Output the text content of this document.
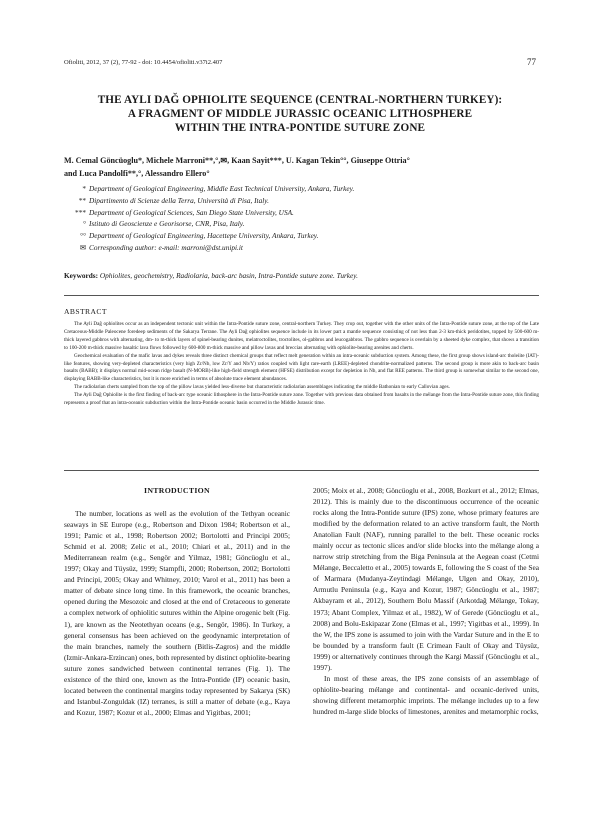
Ofioliti, 2012, 37 (2), 77-92 - doi: 10.4454/ofioliti.v37i2.407	77
THE AYLI DAĞ OPHIOLITE SEQUENCE (CENTRAL-NORTHERN TURKEY):
A FRAGMENT OF MIDDLE JURASSIC OCEANIC LITHOSPHERE
WITHIN THE INTRA-PONTIDE SUTURE ZONE
M. Cemal Göncüoglu*, Michele Marroni**,°,✉, Kaan Sayit***, U. Kagan Tekin°°, Giuseppe Ottria°
and Luca Pandolfi**,°, Alessandro Ellero°
* Department of Geological Engineering, Middle East Technical University, Ankara, Turkey.
** Dipartimento di Scienze della Terra, Università di Pisa, Italy.
*** Department of Geological Sciences, San Diego State University, USA.
° Istituto di Geoscienze e Georisorse, CNR, Pisa, Italy.
°° Department of Geological Engineering, Hacettepe University, Ankara, Turkey.
✉ Corresponding author: e-mail: marroni@dst.unipi.it
Keywords: Ophiolites, geochemistry, Radiolaria, back-arc basin, Intra-Pontide suture zone. Turkey.
ABSTRACT

The Ayli Dağ ophiolites occur as an independent tectonic unit within the Intra-Pontide suture zone, central-northern Turkey. They crop out, together with the other units of the Intra-Pontide suture zone, at the top of the Late Cretaceous-Middle Paleocene foredeep sediments of the Sakarya Terrane. The Ayli Dağ ophiolites sequence include in its lower part a mantle sequence consisting of not less than 2-3 km-thick peridotites, topped by 500-600 m-thick layered gabbros with alternating, dm- to m-thick layers of spinel-bearing dunites, melatroctolites, troctolites, ol-gabbros and leucogabbros. The gabbro sequence is overlain by a sheeted dyke complex, that shows a transition to 100-200 m-thick massive basaltic lava flows followed by 600-800 m-thick massive and pillow lavas and breccias alternating with ophiolite-bearing arenites and cherts.

Geochemical evaluation of the mafic lavas and dykes reveals three distinct chemical groups that reflect melt generation within an intra-oceanic subduction system. Among these, the first group shows island-arc tholeiite (IAT)-like features, showing very-depleted characteristics (very high Zr/Nb, low Zr/Y and Nb/Y) ratios coupled with light rare-earth (LREE)-depleted chondrite-normalized patterns. The second group is more akin to back-arc basin basalts (BABB); it displays normal mid-ocean ridge basalt (N-MORB)-like high-field strength element (HFSE) distribution except for depletion in Nb, and flat REE patterns. The third group is somewhat similar to the second one, displaying BABB-like characteristics, but it is more enriched in terms of absolute trace element abundances.

The radiolarian cherts sampled from the top of the pillow lavas yielded less-diverse but characteristic radiolarian assemblages indicating the middle Bathonian to early Callovian ages.

The Ayli Dağ Ophiolite is the first finding of back-arc type oceanic lithosphere in the Intra-Pontide suture zone. Together with previous data obtained from basalts in the mélange from the Intra-Pontide suture zone, this finding represents a proof that an intra-oceanic subduction within the Intra-Pontide oceanic basin occurred in the Middle Jurassic time.

INTRODUCTION

The number, locations as well as the evolution of the Tethyan oceanic seaways in SE Europe (e.g., Robertson and Dixon 1984; Robertson et al., 1991; Pamic et al., 1998; Robertson 2002; Bortolotti and Principi 2005; Schmid et al. 2008; Zelic et al., 2010; Chiari et al., 2011) and in the Mediterranean realm (e.g., Sengör and Yilmaz, 1981; Göncüoglu et al., 1997; Okay and Tüysüz, 1999; Stampfli, 2000; Robertson, 2002; Bortolotti and Principi, 2005; Okay and Whitney, 2010; Varol et al., 2011) has been a matter of debate since long time. In this framework, the oceanic branches, opened during the Mesozoic and closed at the end of Cretaceous to generate a complex network of ophiolitic sutures within the Alpine orogenic belt (Fig. 1), are known as the Neotethyan oceans (e.g., Sengör, 1986). In Turkey, a general consensus has been achieved on the geodynamic interpretation of the main branches, namely the southern (Bitlis-Zagros) and the middle (Izmir-Ankara-Erzincan) ones, both represented by distinct ophiolite-bearing suture zones sandwiched between continental terranes (Fig. 1). The existence of the third one, known as the Intra-Pontide (IP) oceanic basin, located between the continental margins today represented by Sakarya (SK) and Istanbul-Zonguldak (IZ) terranes, is still a matter of debate (e.g., Kaya and Kozur, 1987; Kozur et al., 2000; Elmas and Yigitbas, 2001;

2005; Moix et al., 2008; Göncüoglu et al., 2008, Bozkurt et al., 2012; Elmas, 2012). This is mainly due to the discontinuous occurrence of the oceanic rocks along the Intra-Pontide suture (IPS) zone, whose primary features are modified by the deformation related to an active transform fault, the North Anatolian Fault (NAF), running parallel to the belt. These oceanic rocks mainly occur as tectonic slices and/or slide blocks into the mélange along a narrow strip stretching from the Biga Peninsula at the Aegean coast (Cetmi Mélange, Beccaletto et al., 2005) towards E, following the S coast of the Sea of Marmara (Mudanya-Zeytindagi Mélange, Ulgen and Okay, 2010), Armutlu Peninsula (e.g., Kaya and Kozur, 1987; Göncüoglu et al., 1987; Akbayram et al., 2012), Southern Bolu Massif (Arkotdağ Mélange, Tokay, 1973; Abant Complex, Yilmaz et al., 1982), W of Gerede (Göncüoglu et al., 2008) and Bolu-Eskipazar Zone (Elmas et al., 1997; Yigitbas et al., 1999). In the W, the IPS zone is assumed to join with the Vardar Suture and in the E to be bounded by a transform fault (E Crimean Fault of Okay and Tüysüz, 1999) or alternatively continues through the Kargi Massif (Göncüoglu et al., 1997).

In most of these areas, the IPS zone consists of an assemblage of ophiolite-bearing mélange and continental- and oceanic-derived units, showing different metamorphic imprints. The mélange includes up to a few hundred m-large slide blocks of limestones, arenites and metamorphic rocks,
